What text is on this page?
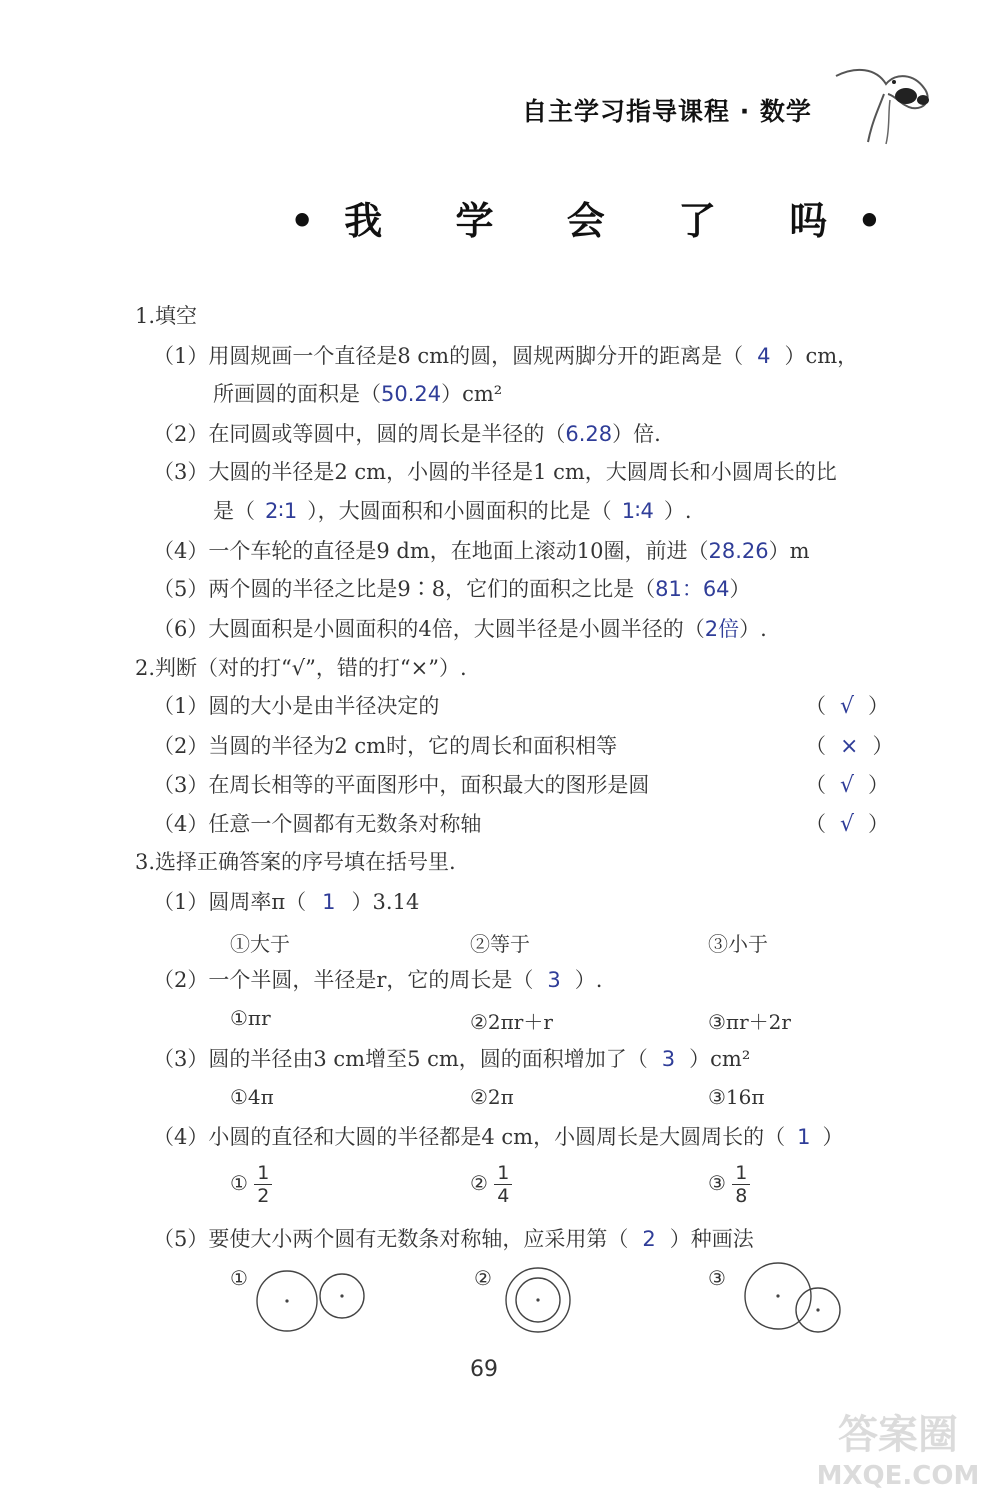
自主学习指导课程 · 数学
•我 学 会 了 吗•
1.填空
（1）用圆规画一个直径是8 cm的圆，圆规两脚分开的距离是（ 4 ）cm，
所画圆的面积是（50.24）cm²
（2）在同圆或等圆中，圆的周长是半径的（6.28）倍.
（3）大圆的半径是2 cm，小圆的半径是1 cm，大圆周长和小圆周长的比
是（ 2∶1 ），大圆面积和小圆面积的比是（ 1∶4 ）.
（4）一个车轮的直径是9 dm，在地面上滚动10圈，前进（28.26）m
（5）两个圆的半径之比是9∶8，它们的面积之比是（81：64）
（6）大圆面积是小圆面积的4倍，大圆半径是小圆半径的（2倍）.
2.判断（对的打“√”，错的打“×”）.
（1）圆的大小是由半径决定的	（ √ ）
（2）当圆的半径为2 cm时，它的周长和面积相等	（ × ）
（3）在周长相等的平面图形中，面积最大的图形是圆	（ √ ）
（4）任意一个圆都有无数条对称轴	（ √ ）
3.选择正确答案的序号填在括号里.
（1）圆周率π（ 1 ）3.14
①大于	②等于	③小于
（2）一个半圆，半径是r，它的周长是（ 3 ）.
①πr	②2πr＋r	③πr＋2r
（3）圆的半径由3 cm增至5 cm，圆的面积增加了（ 3 ）cm²
①4π	②2π	③16π
（4）小圆的直径和大圆的半径都是4 cm，小圆周长是大圆周长的（ 1 ）
① $\frac{1}{2}$	② $\frac{1}{4}$	③ $\frac{1}{8}$
（5）要使大小两个圆有无数条对称轴，应采用第（ 2 ）种画法
①	②	③
69
答案圈
MXQE.COM
